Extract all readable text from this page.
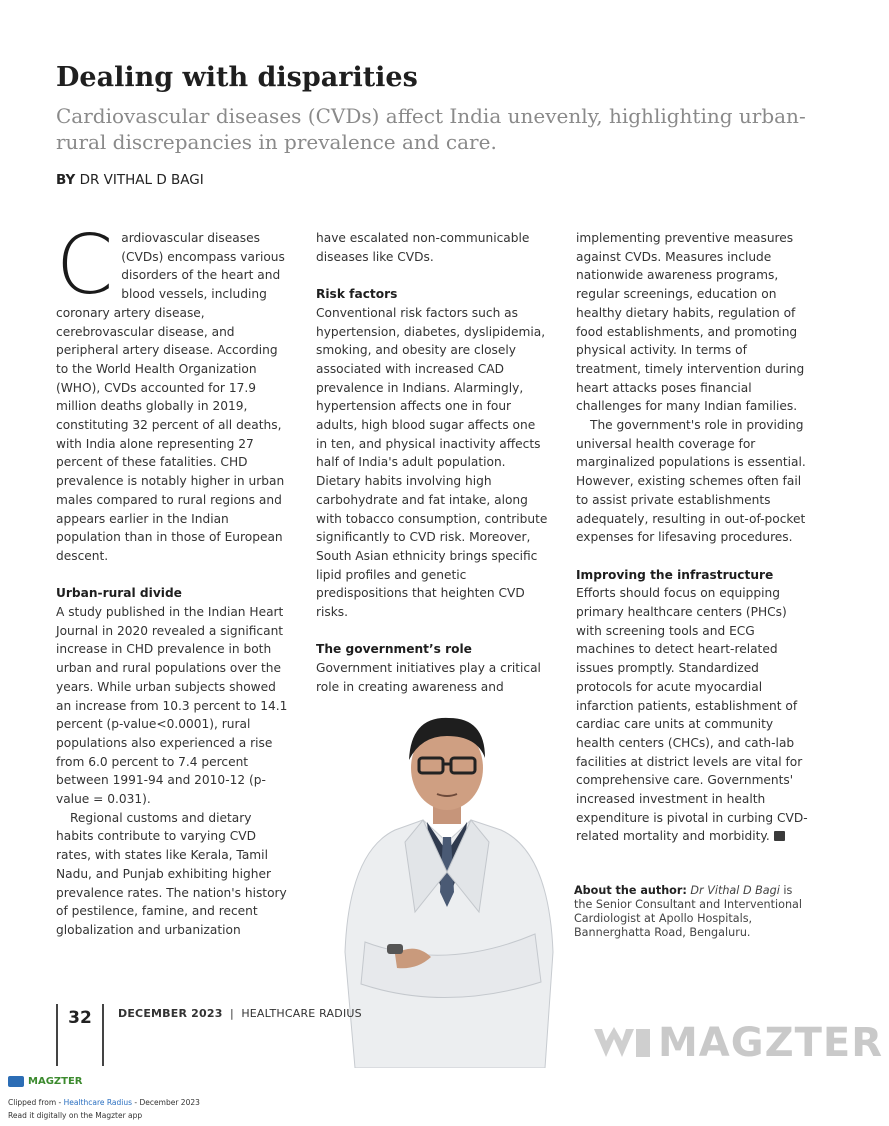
Dealing with disparities

Cardiovascular diseases (CVDs) affect India unevenly, highlighting urban-rural discrepancies in prevalence and care.

BY DR VITHAL D BAGI
C ardiovascular diseases (CVDs) encompass various disorders of the heart and blood vessels, including coronary artery disease, cerebrovascular disease, and peripheral artery disease. According to the World Health Organization (WHO), CVDs accounted for 17.9 million deaths globally in 2019, constituting 32 percent of all deaths, with India alone representing 27 percent of these fatalities. CHD prevalence is notably higher in urban males compared to rural regions and appears earlier in the Indian population than in those of European descent.

Urban-rural divide

A study published in the Indian Heart Journal in 2020 revealed a significant increase in CHD prevalence in both urban and rural populations over the years. While urban subjects showed an increase from 10.3 percent to 14.1 percent (p-value<0.0001), rural populations also experienced a rise from 6.0 percent to 7.4 percent between 1991-94 and 2010-12 (p-value = 0.031).

Regional customs and dietary habits contribute to varying CVD rates, with states like Kerala, Tamil Nadu, and Punjab exhibiting higher prevalence rates. The nation's history of pestilence, famine, and recent globalization and urbanization

have escalated non-communicable diseases like CVDs.

Risk factors

Conventional risk factors such as hypertension, diabetes, dyslipidemia, smoking, and obesity are closely associated with increased CAD prevalence in Indians. Alarmingly, hypertension affects one in four adults, high blood sugar affects one in ten, and physical inactivity affects half of India's adult population. Dietary habits involving high carbohydrate and fat intake, along with tobacco consumption, contribute significantly to CVD risk. Moreover, South Asian ethnicity brings specific lipid profiles and genetic predispositions that heighten CVD risks.

The government’s role

Government initiatives play a critical role in creating awareness and

implementing preventive measures against CVDs. Measures include nationwide awareness programs, regular screenings, education on healthy dietary habits, regulation of food establishments, and promoting physical activity. In terms of treatment, timely intervention during heart attacks poses financial challenges for many Indian families.

The government's role in providing universal health coverage for marginalized populations is essential. However, existing schemes often fail to assist private establishments adequately, resulting in out-of-pocket expenses for lifesaving procedures.

Improving the infrastructure

Efforts should focus on equipping primary healthcare centers (PHCs) with screening tools and ECG machines to detect heart-related issues promptly. Standardized protocols for acute myocardial infarction patients, establishment of cardiac care units at community health centers (CHCs), and cath-lab facilities at district levels are vital for comprehensive care. Governments' increased investment in health expenditure is pivotal in curbing CVD-related mortality and morbidity.

About the author: Dr Vithal D Bagi is the Senior Consultant and Interventional Cardiologist at Apollo Hospitals, Bannerghatta Road, Bengaluru.
32	DECEMBER 2023 | HEALTHCARE RADIUS
MAGZTER
MAGZTER
Clipped from - Healthcare Radius - December 2023
Read it digitally on the Magzter app
